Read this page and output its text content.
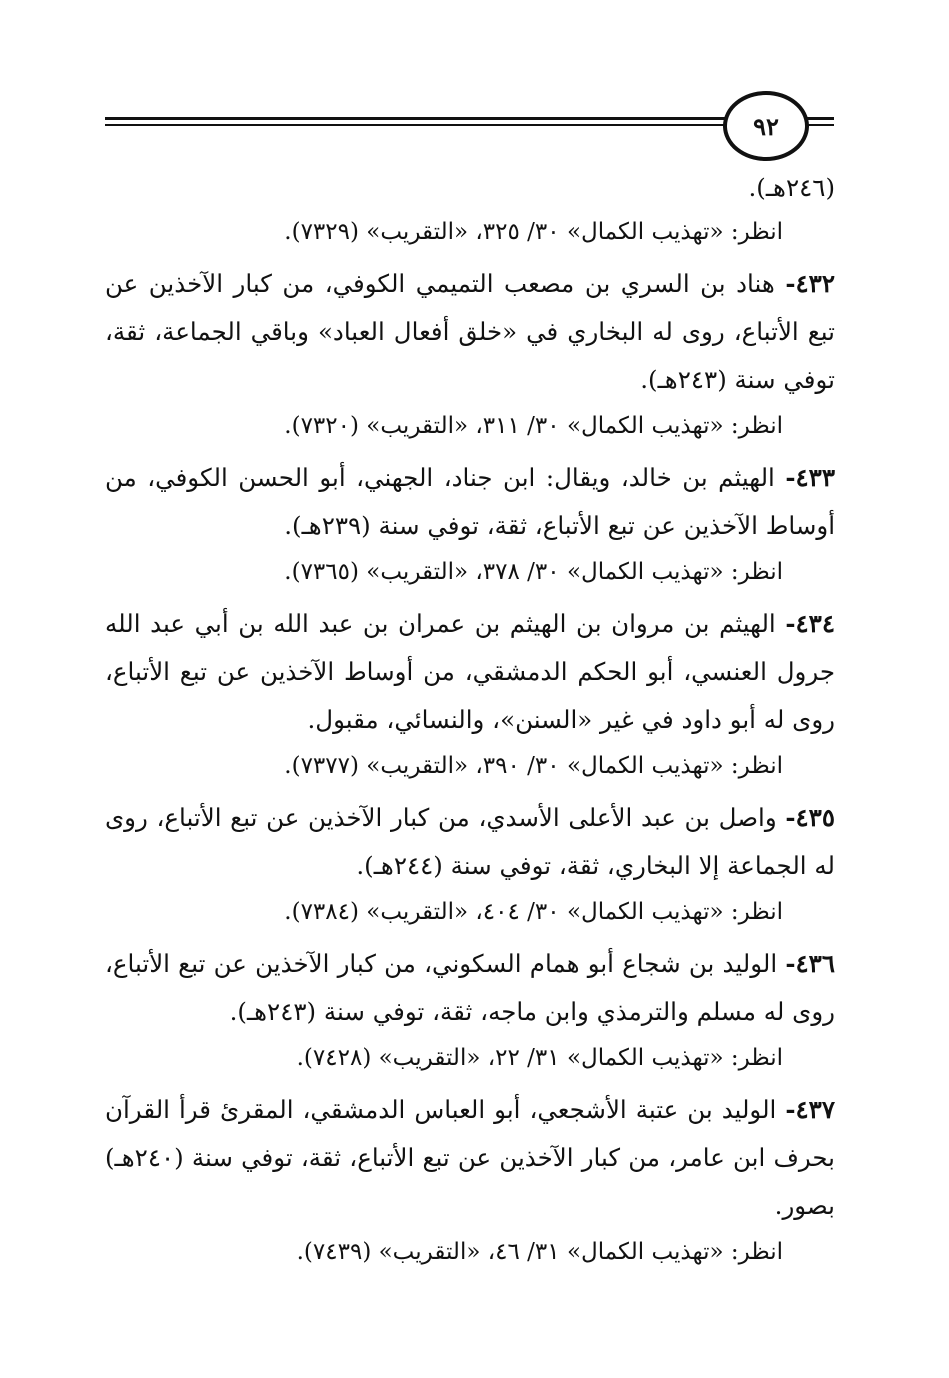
٩٢

(٢٤٦هـ).

انظر: «تهذيب الكمال» ٣٠/ ٣٢٥، «التقريب» (٧٣٢٩).

٤٣٢- هناد بن السري بن مصعب التميمي الكوفي، من كبار الآخذين عن تبع الأتباع، روى له البخاري في «خلق أفعال العباد» وباقي الجماعة، ثقة، توفي سنة (٢٤٣هـ).

انظر: «تهذيب الكمال» ٣٠/ ٣١١، «التقريب» (٧٣٢٠).

٤٣٣- الهيثم بن خالد، ويقال: ابن جناد، الجهني، أبو الحسن الكوفي، من أوساط الآخذين عن تبع الأتباع، ثقة، توفي سنة (٢٣٩هـ).

انظر: «تهذيب الكمال» ٣٠/ ٣٧٨، «التقريب» (٧٣٦٥).

٤٣٤- الهيثم بن مروان بن الهيثم بن عمران بن عبد الله بن أبي عبد الله جرول العنسي، أبو الحكم الدمشقي، من أوساط الآخذين عن تبع الأتباع، روى له أبو داود في غير «السنن»، والنسائي، مقبول.

انظر: «تهذيب الكمال» ٣٠/ ٣٩٠، «التقريب» (٧٣٧٧).

٤٣٥- واصل بن عبد الأعلى الأسدي، من كبار الآخذين عن تبع الأتباع، روى له الجماعة إلا البخاري، ثقة، توفي سنة (٢٤٤هـ).

انظر: «تهذيب الكمال» ٣٠/ ٤٠٤، «التقريب» (٧٣٨٤).

٤٣٦- الوليد بن شجاع أبو همام السكوني، من كبار الآخذين عن تبع الأتباع، روى له مسلم والترمذي وابن ماجه، ثقة، توفي سنة (٢٤٣هـ).

انظر: «تهذيب الكمال» ٣١/ ٢٢، «التقريب» (٧٤٢٨).

٤٣٧- الوليد بن عتبة الأشجعي، أبو العباس الدمشقي، المقرئ قرأ القرآن بحرف ابن عامر، من كبار الآخذين عن تبع الأتباع، ثقة، توفي سنة (٢٤٠هـ) بصور.

انظر: «تهذيب الكمال» ٣١/ ٤٦، «التقريب» (٧٤٣٩).
